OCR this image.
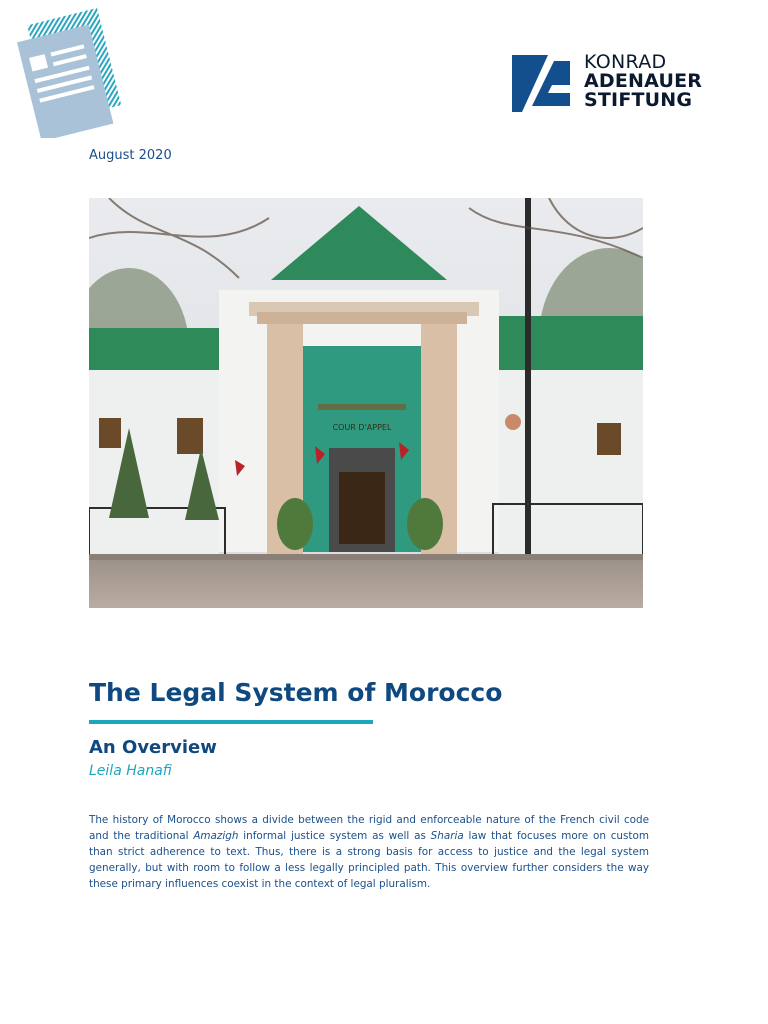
KONRAD
ADENAUER
STIFTUNG
August 2020
COUR D'APPEL
The Legal System of Morocco
An Overview
Leila Hanafi

The history of Morocco shows a divide between the rigid and enforceable nature of the French civil code and the traditional Amazigh informal justice system as well as Sharia law that focuses more on custom than strict adherence to text. Thus, there is a strong basis for access to justice and the legal system generally, but with room to follow a less legally principled path. This overview further considers the way these primary influences coexist in the context of legal pluralism.
